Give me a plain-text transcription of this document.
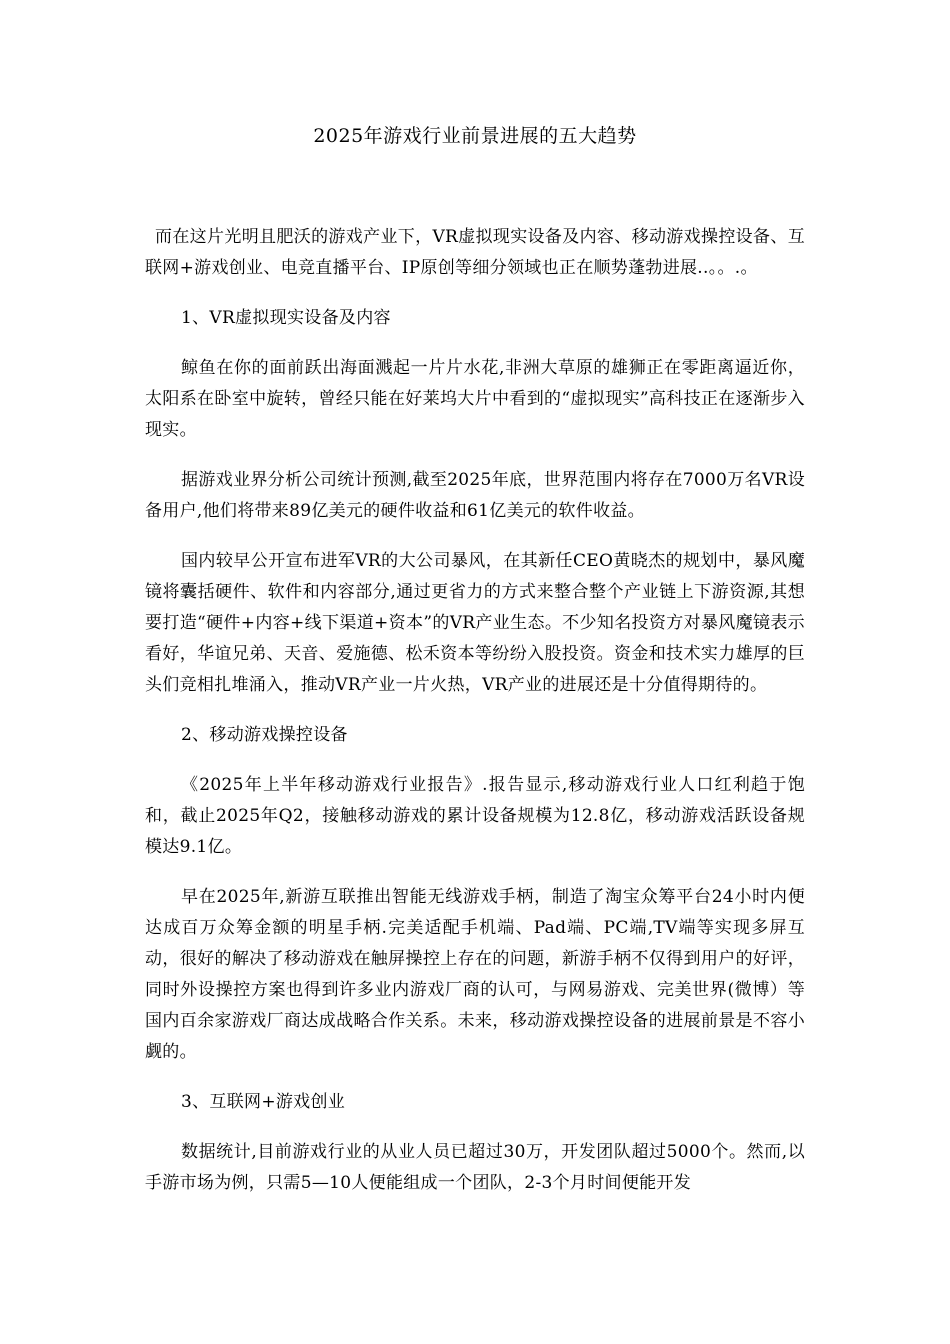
2025年游戏行业前景进展的五大趋势

而在这片光明且肥沃的游戏产业下，VR虚拟现实设备及内容、移动游戏操控设备、互联网+游戏创业、电竞直播平台、IP原创等细分领域也正在顺势蓬勃进展..。。.。

1、VR虚拟现实设备及内容

鲸鱼在你的面前跃出海面溅起一片片水花,非洲大草原的雄狮正在零距离逼近你，太阳系在卧室中旋转，曾经只能在好莱坞大片中看到的“虚拟现实”高科技正在逐渐步入现实。

据游戏业界分析公司统计预测,截至2025年底，世界范围内将存在7000万名VR设备用户,他们将带来89亿美元的硬件收益和61亿美元的软件收益。

国内较早公开宣布进军VR的大公司暴风，在其新任CEO黄晓杰的规划中，暴风魔镜将囊括硬件、软件和内容部分,通过更省力的方式来整合整个产业链上下游资源,其想要打造“硬件+内容+线下渠道+资本”的VR产业生态。不少知名投资方对暴风魔镜表示看好，华谊兄弟、天音、爱施德、松禾资本等纷纷入股投资。资金和技术实力雄厚的巨头们竞相扎堆涌入，推动VR产业一片火热，VR产业的进展还是十分值得期待的。

2、移动游戏操控设备

《2025年上半年移动游戏行业报告》.报告显示,移动游戏行业人口红利趋于饱和，截止2025年Q2，接触移动游戏的累计设备规模为12.8亿，移动游戏活跃设备规模达9.1亿。

早在2025年,新游互联推出智能无线游戏手柄，制造了淘宝众筹平台24小时内便达成百万众筹金额的明星手柄.完美适配手机端、Pad端、PC端,TV端等实现多屏互动，很好的解决了移动游戏在触屏操控上存在的问题，新游手柄不仅得到用户的好评，同时外设操控方案也得到许多业内游戏厂商的认可，与网易游戏、完美世界(微博）等国内百余家游戏厂商达成战略合作关系。未来，移动游戏操控设备的进展前景是不容小觑的。

3、互联网+游戏创业

数据统计,目前游戏行业的从业人员已超过30万，开发团队超过5000个。然而,以手游市场为例，只需5—10人便能组成一个团队，2-3个月时间便能开发
